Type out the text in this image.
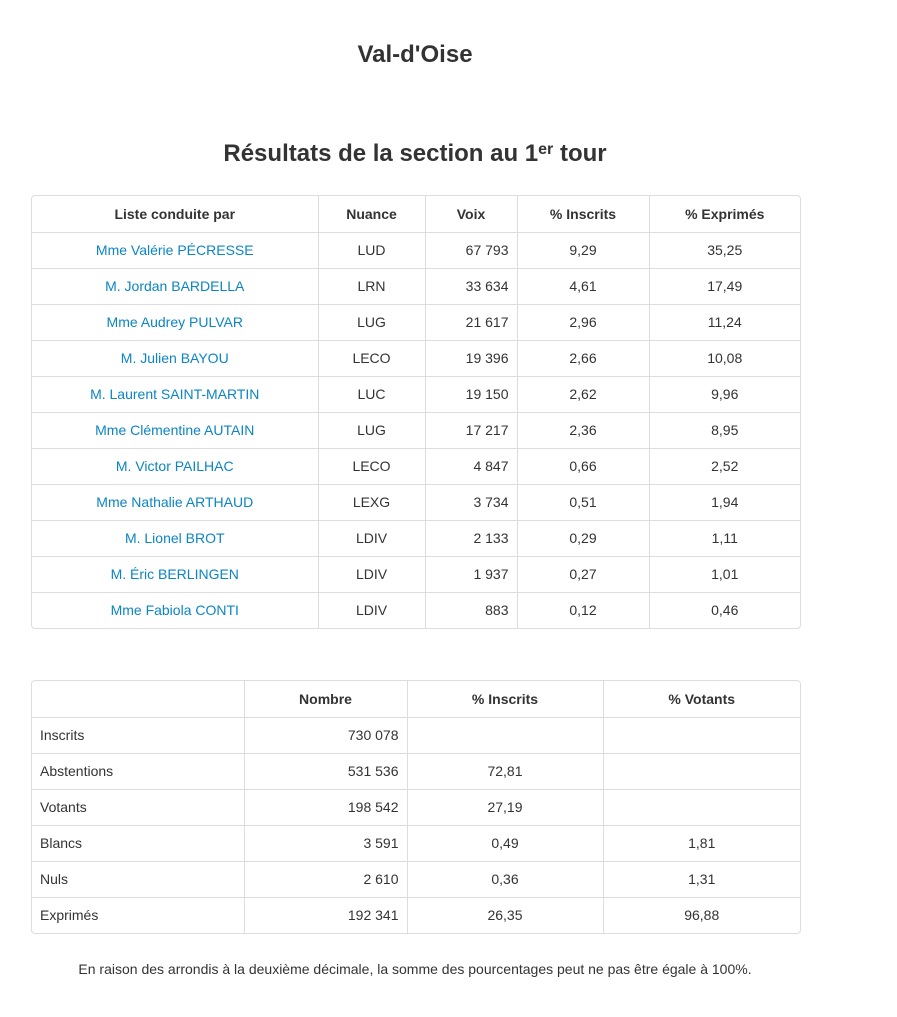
Val-d'Oise
Résultats de la section au 1er tour
Liste conduite par	Nuance	Voix	% Inscrits	% Exprimés
Mme Valérie PÉCRESSE	LUD	67 793	9,29	35,25
M. Jordan BARDELLA	LRN	33 634	4,61	17,49
Mme Audrey PULVAR	LUG	21 617	2,96	11,24
M. Julien BAYOU	LECO	19 396	2,66	10,08
M. Laurent SAINT-MARTIN	LUC	19 150	2,62	9,96
Mme Clémentine AUTAIN	LUG	17 217	2,36	8,95
M. Victor PAILHAC	LECO	4 847	0,66	2,52
Mme Nathalie ARTHAUD	LEXG	3 734	0,51	1,94
M. Lionel BROT	LDIV	2 133	0,29	1,11
M. Éric BERLINGEN	LDIV	1 937	0,27	1,01
Mme Fabiola CONTI	LDIV	883	0,12	0,46
	Nombre	% Inscrits	% Votants
Inscrits	730 078		
Abstentions	531 536	72,81	
Votants	198 542	27,19	
Blancs	3 591	0,49	1,81
Nuls	2 610	0,36	1,31
Exprimés	192 341	26,35	96,88

En raison des arrondis à la deuxième décimale, la somme des pourcentages peut ne pas être égale à 100%.
